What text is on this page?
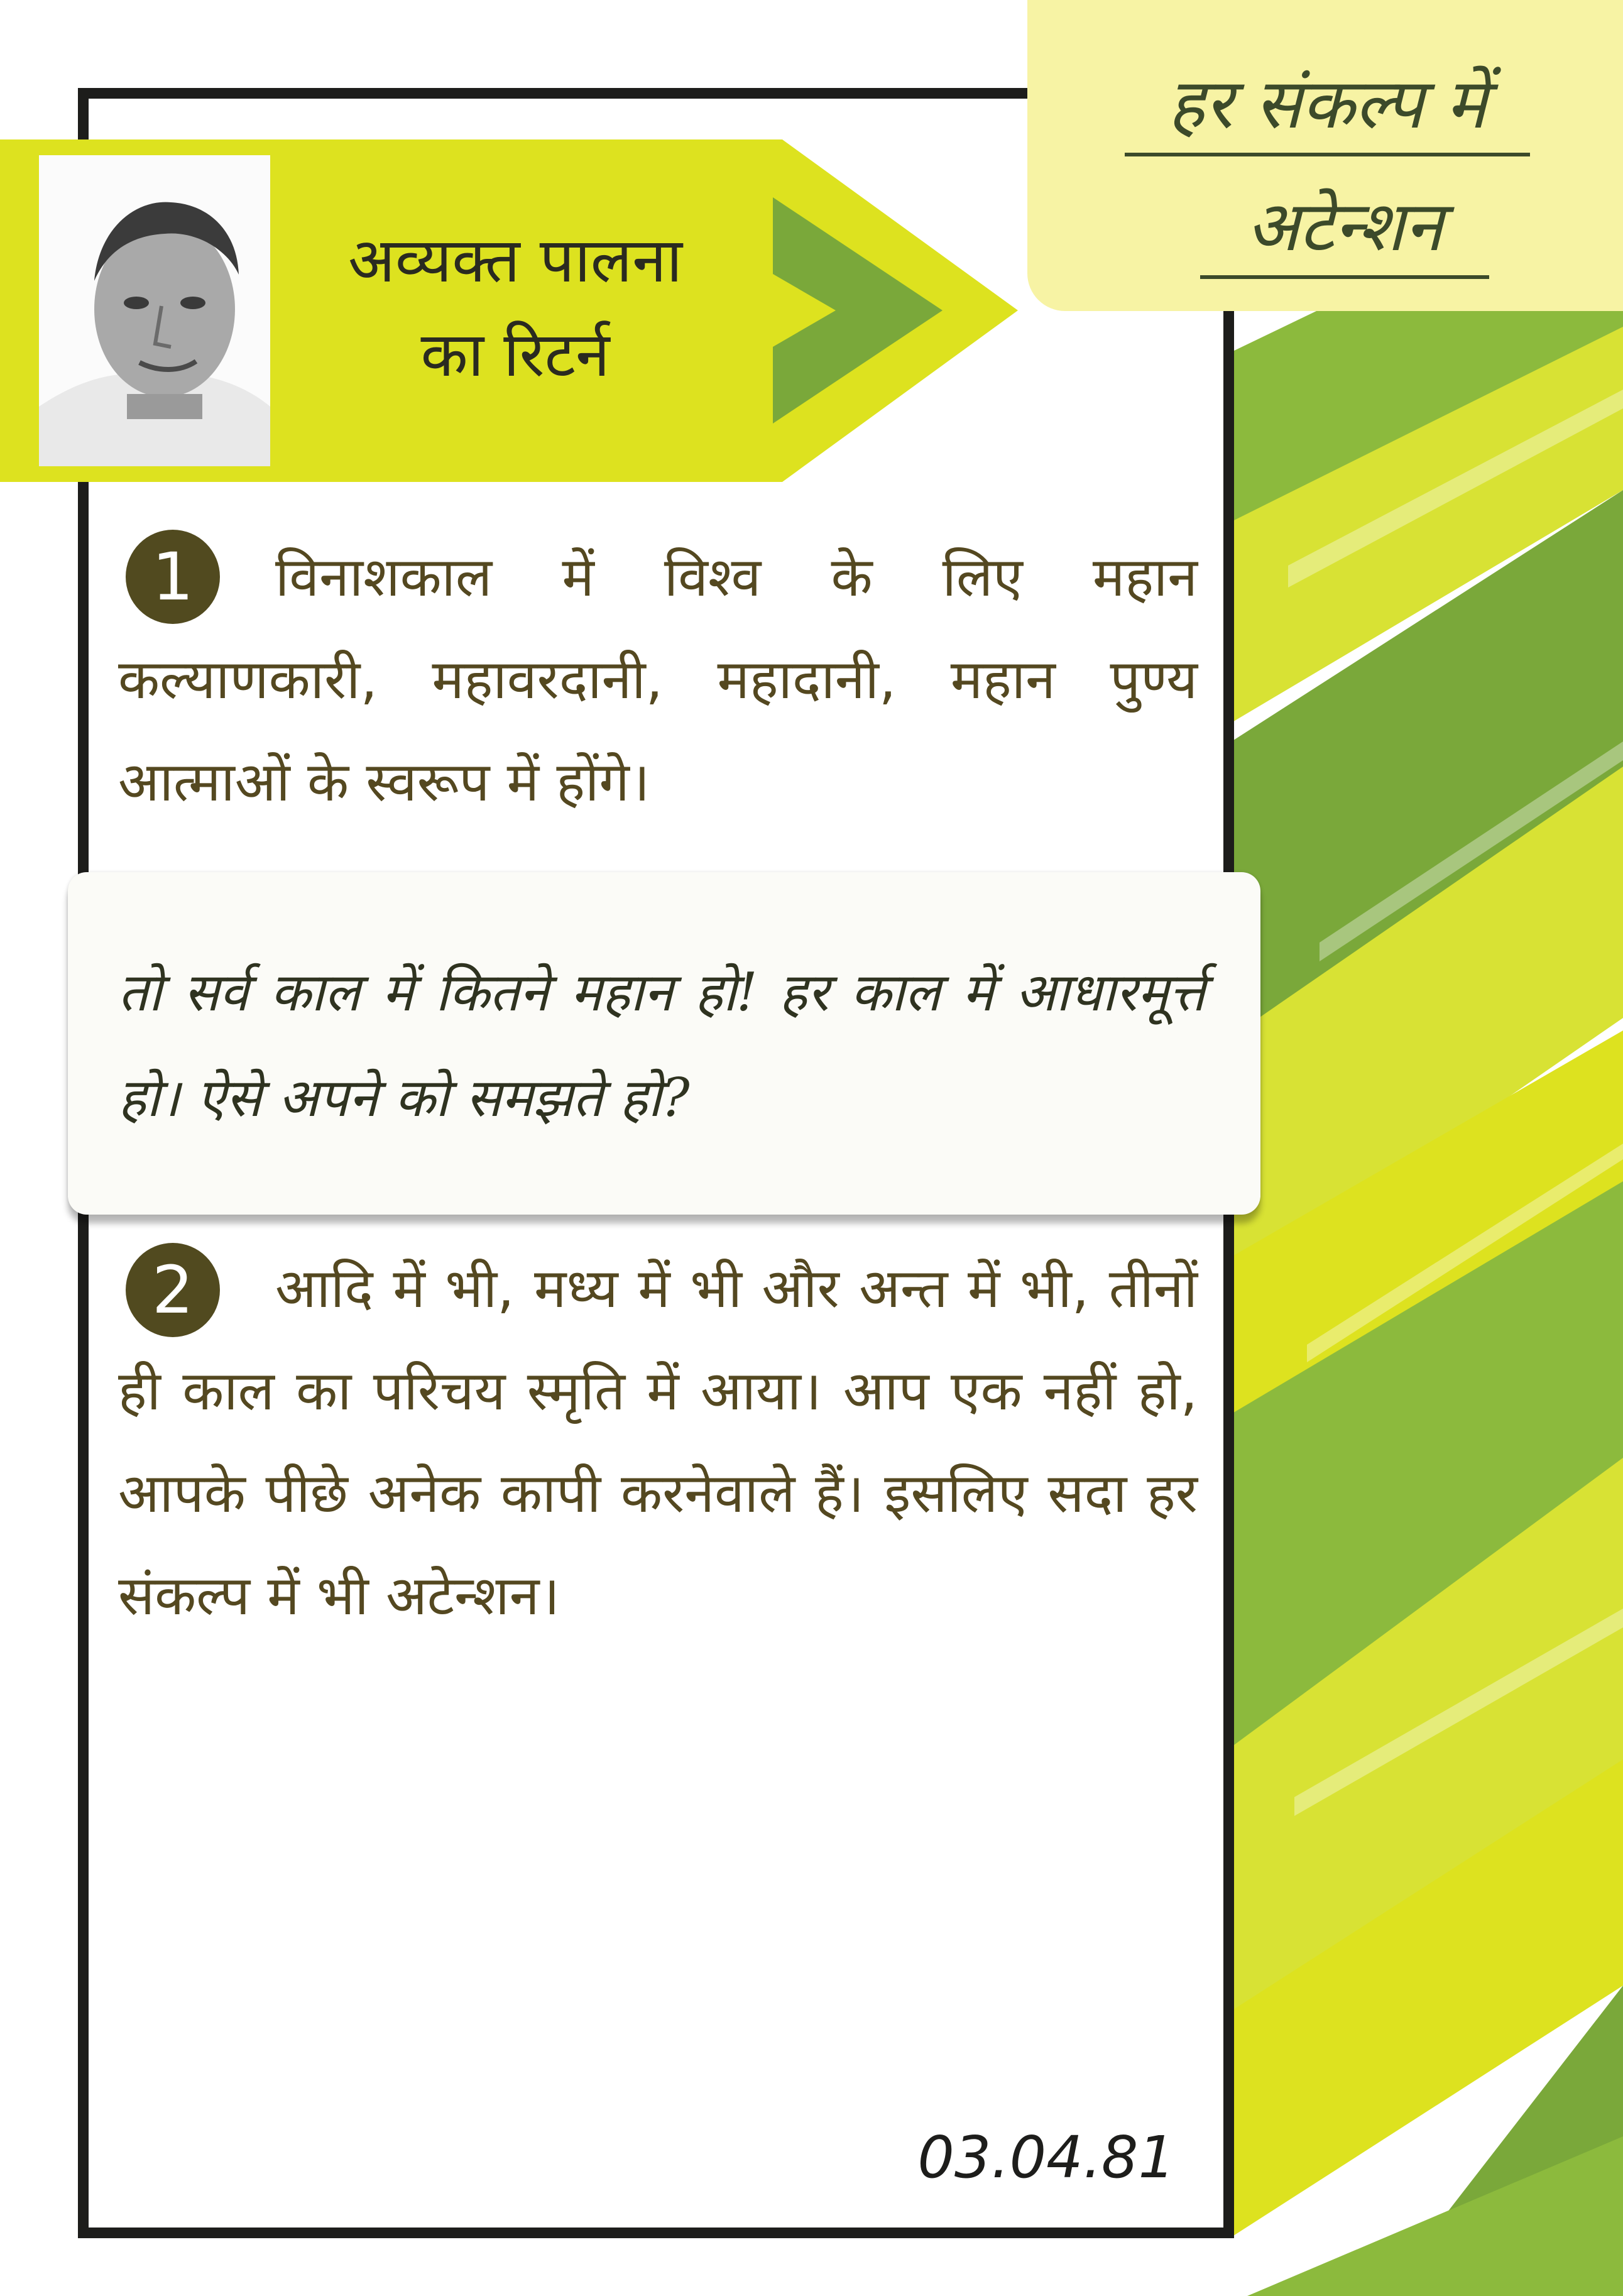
अव्यक्त पालना
का रिटर्न
हर संकल्प में
अटेन्शन
1	विनाशकाल में विश्व के लिए महान कल्याणकारी, महावरदानी, महादानी, महान पुण्य आत्माओं के स्वरूप में होंगे।
तो सर्व काल में कितने महान हो! हर काल में आधारमूर्त्त हो। ऐसे अपने को समझते हो?
2	आदि में भी, मध्य में भी और अन्त में भी, तीनों ही काल का परिचय स्मृति में आया। आप एक नहीं हो, आपके पीछे अनेक कापी करनेवाले हैं। इसलिए सदा हर संकल्प में भी अटेन्शन।
03.04.81
